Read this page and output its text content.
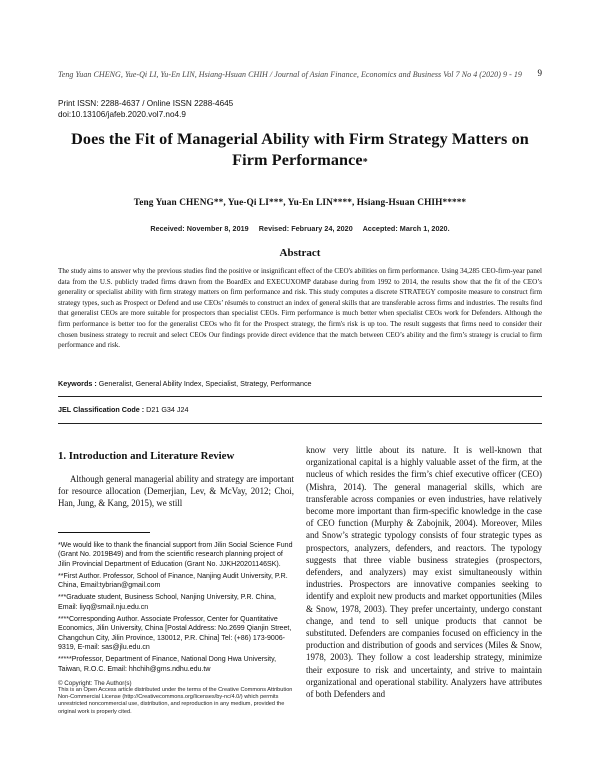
Teng Yuan CHENG, Yue-Qi LI, Yu-En LIN, Hsiang-Hsuan CHIH / Journal of Asian Finance, Economics and Business Vol 7 No 4 (2020) 9 - 19 9
Print ISSN: 2288-4637 / Online ISSN 2288-4645
doi:10.13106/jafeb.2020.vol7.no4.9
Does the Fit of Managerial Ability with Firm Strategy Matters on Firm Performance*
Teng Yuan CHENG**, Yue-Qi LI***, Yu-En LIN****, Hsiang-Hsuan CHIH*****
Received: November 8, 2019 Revised: February 24, 2020 Accepted: March 1, 2020.
Abstract
The study aims to answer why the previous studies find the positive or insignificant effect of the CEO's abilities on firm performance. Using 34,285 CEO-firm-year panel data from the U.S. publicly traded firms drawn from the BoardEx and EXECUXOMP database during from 1992 to 2014, the results show that the fit of the CEO’s generality or specialist ability with firm strategy matters on firm performance and risk. This study computes a discrete STRATEGY composite measure to construct firm strategy types, such as Prospect or Defend and use CEOs’ résumés to construct an index of general skills that are transferable across firms and industries. The results find that generalist CEOs are more suitable for prospectors than specialist CEOs. Firm performance is much better when specialist CEOs work for Defenders. Although the firm performance is better too for the generalist CEOs who fit for the Prospect strategy, the firm's risk is up too. The result suggests that firms need to consider their chosen business strategy to recruit and select CEOs Our findings provide direct evidence that the match between CEO’s ability and the firm’s strategy is crucial to firm performance and risk.
Keywords : Generalist, General Ability Index, Specialist, Strategy, Performance
JEL Classification Code : D21 G34 J24
1. Introduction and Literature Review
Although general managerial ability and strategy are important for resource allocation (Demerjian, Lev, & McVay, 2012; Choi, Han, Jung, & Kang, 2015), we still
*We would like to thank the financial support from Jilin Social Science Fund (Grant No. 2019B49) and from the scientific research planning project of Jilin Provincial Department of Education (Grant No. JJKH20201146SK).
**First Author. Professor, School of Finance, Nanjing Audit University, P.R. China, Email:tybrian@gmail.com
***Graduate student, Business School, Nanjing University, P.R. China, Email: liyq@smail.nju.edu.cn
****Corresponding Author. Associate Professor, Center for Quantitative Economics, Jilin University, China [Postal Address: No.2699 Qianjin Street, Changchun City, Jilin Province, 130012, P.R. China] Tel: (+86) 173-9006-9319, E-mail: sas@jlu.edu.cn
*****Professor, Department of Finance, National Dong Hwa University, Taiwan, R.O.C. Email: hhchih@gms.ndhu.edu.tw
© Copyright: The Author(s)
This is an Open Access article distributed under the terms of the Creative Commons Attribution Non-Commercial License (http://Creativecommons.org/licenses/by-nc/4.0/) which permits unrestricted noncommercial use, distribution, and reproduction in any medium, provided the original work is properly cited.
know very little about its nature. It is well-known that organizational capital is a highly valuable asset of the firm, at the nucleus of which resides the firm’s chief executive officer (CEO) (Mishra, 2014). The general managerial skills, which are transferable across companies or even industries, have relatively become more important than firm-specific knowledge in the case of CEO function (Murphy & Zabojnik, 2004). Moreover, Miles and Snow’s strategic typology consists of four strategic types as prospectors, analyzers, defenders, and reactors. The typology suggests that three viable business strategies (prospectors, defenders, and analyzers) may exist simultaneously within industries. Prospectors are innovative companies seeking to identify and exploit new products and market opportunities (Miles & Snow, 1978, 2003). They prefer uncertainty, undergo constant change, and tend to sell unique products that cannot be substituted. Defenders are companies focused on efficiency in the production and distribution of goods and services (Miles & Snow, 1978, 2003). They follow a cost leadership strategy, minimize their exposure to risk and uncertainty, and strive to maintain organizational and operational stability. Analyzers have attributes of both Defenders and
